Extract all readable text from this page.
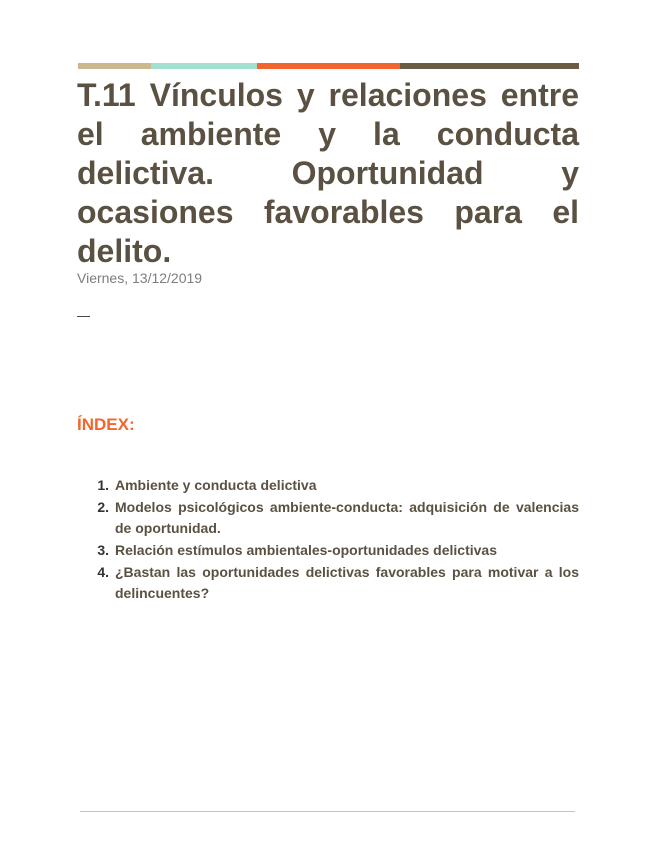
T.11 Vínculos y relaciones entre el ambiente y la conducta delictiva. Oportunidad y ocasiones favorables para el delito.
Viernes, 13/12/2019
ÍNDEX:
1. Ambiente y conducta delictiva
2. Modelos psicológicos ambiente-conducta: adquisición de valencias de oportunidad.
3. Relación estímulos ambientales-oportunidades delictivas
4. ¿Bastan las oportunidades delictivas favorables para motivar a los delincuentes?
